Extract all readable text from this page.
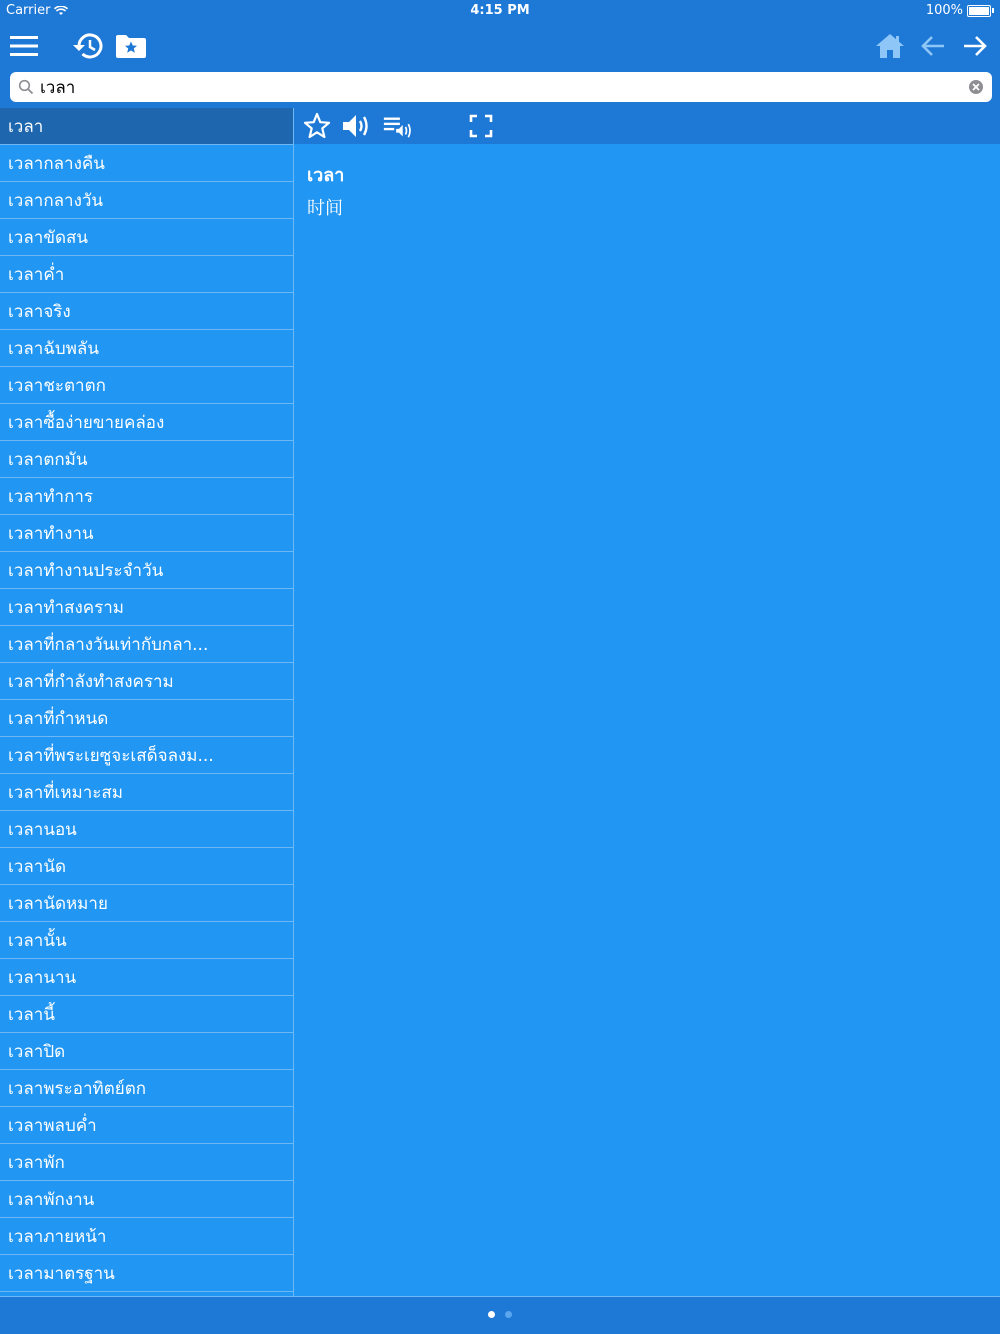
Carrier	4:15 PM	100%
เวลา
เวลา
เวลากลางคืน
เวลากลางวัน
เวลาขัดสน
เวลาค่ำ
เวลาจริง
เวลาฉับพลัน
เวลาชะตาตก
เวลาซื้อง่ายขายคล่อง
เวลาตกมัน
เวลาทำการ
เวลาทำงาน
เวลาทำงานประจำวัน
เวลาทำสงคราม
เวลาที่กลางวันเท่ากับกลา...
เวลาที่กำลังทำสงคราม
เวลาที่กำหนด
เวลาที่พระเยซูจะเสด็จลงม...
เวลาที่เหมาะสม
เวลานอน
เวลานัด
เวลานัดหมาย
เวลานั้น
เวลานาน
เวลานี้
เวลาปิด
เวลาพระอาทิตย์ตก
เวลาพลบค่ำ
เวลาพัก
เวลาพักงาน
เวลาภายหน้า
เวลามาตรฐาน
เวลา
时间
